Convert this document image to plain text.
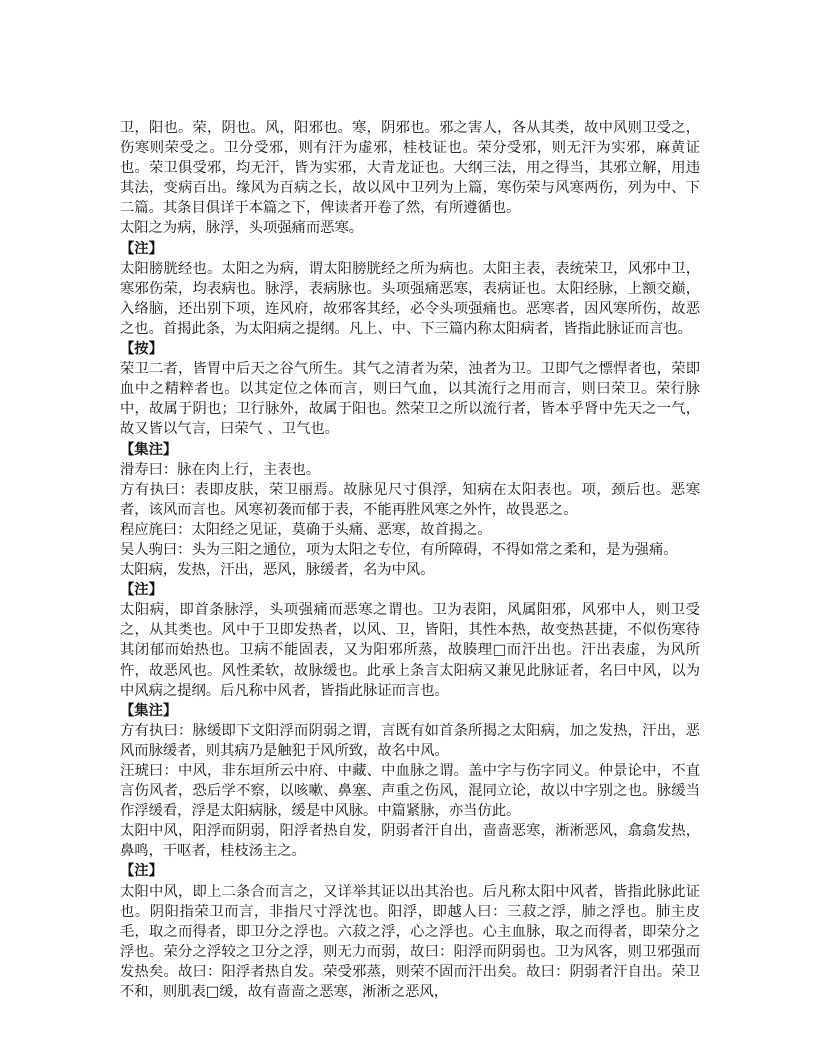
卫，阳也。荣，阴也。风，阳邪也。寒，阴邪也。邪之害人，各从其类，故中风则卫受之，伤寒则荣受之。卫分受邪，则有汗为虚邪，桂枝证也。荣分受邪，则无汗为实邪，麻黄证也。荣卫俱受邪，均无汗，皆为实邪，大青龙证也。大纲三法，用之得当，其邪立解，用违其法，变病百出。缘风为百病之长，故以风中卫列为上篇，寒伤荣与风寒两伤，列为中、下二篇。其条目俱详于本篇之下，俾读者开卷了然，有所遵循也。

太阳之为病，脉浮，头项强痛而恶寒。

【注】

太阳膀胱经也。太阳之为病，谓太阳膀胱经之所为病也。太阳主表，表统荣卫，风邪中卫，寒邪伤荣，均表病也。脉浮，表病脉也。头项强痛恶寒，表病证也。太阳经脉，上额交巅，入络脑，还出别下项，连风府，故邪客其经，必令头项强痛也。恶寒者，因风寒所伤，故恶之也。首揭此条，为太阳病之提纲。凡上、中、下三篇内称太阳病者，皆指此脉证而言也。

【按】

荣卫二者，皆胃中后天之谷气所生。其气之清者为荣，浊者为卫。卫即气之慓悍者也，荣即血中之精粹者也。以其定位之体而言，则曰气血，以其流行之用而言，则曰荣卫。荣行脉中，故属于阴也；卫行脉外，故属于阳也。然荣卫之所以流行者，皆本乎肾中先天之一气，故又皆以气言，曰荣气 、卫气也。

【集注】

滑寿曰：脉在肉上行，主表也。

方有执曰：表即皮肤，荣卫丽焉。故脉见尺寸俱浮，知病在太阳表也。项，颈后也。恶寒者，该风而言也。风寒初袭而郁于表，不能再胜风寒之外忤，故畏恶之。

程应旄曰：太阳经之见证，莫确于头痛、恶寒，故首揭之。

吴人驹曰：头为三阳之通位，项为太阳之专位，有所障碍，不得如常之柔和，是为强痛。

太阳病，发热，汗出，恶风，脉缓者，名为中风。

【注】

太阳病，即首条脉浮，头项强痛而恶寒之谓也。卫为表阳，风属阳邪，风邪中人，则卫受之，从其类也。风中于卫即发热者，以风、卫，皆阳，其性本热，故变热甚捷，不似伤寒待其闭郁而始热也。卫病不能固表，又为阳邪所蒸，故腠理□而汗出也。汗出表虚，为风所忤，故恶风也。风性柔软，故脉缓也。此承上条言太阳病又兼见此脉证者，名曰中风，以为中风病之提纲。后凡称中风者，皆指此脉证而言也。

【集注】

方有执曰：脉缓即下文阳浮而阴弱之谓，言既有如首条所揭之太阳病，加之发热，汗出，恶风而脉缓者，则其病乃是触犯于风所致，故名中风。

汪琥曰：中风，非东垣所云中府、中藏、中血脉之谓。盖中字与伤字同义。仲景论中，不直言伤风者，恐后学不察，以咳嗽、鼻塞、声重之伤风，混同立论，故以中字别之也。脉缓当作浮缓看，浮是太阳病脉，缓是中风脉。中篇紧脉，亦当仿此。

太阳中风，阳浮而阴弱，阳浮者热自发，阴弱者汗自出，啬啬恶寒，淅淅恶风，翕翕发热，鼻鸣，干呕者，桂枝汤主之。

【注】

太阳中风，即上二条合而言之，又详举其证以出其治也。后凡称太阳中风者，皆指此脉此证也。阴阳指荣卫而言，非指尺寸浮沈也。阳浮，即越人曰：三菽之浮，肺之浮也。肺主皮毛，取之而得者，即卫分之浮也。六菽之浮，心之浮也。心主血脉，取之而得者，即荣分之浮也。荣分之浮较之卫分之浮，则无力而弱，故曰：阳浮而阴弱也。卫为风客，则卫邪强而发热矣。故曰：阳浮者热自发。荣受邪蒸，则荣不固而汗出矣。故曰：阴弱者汗自出。荣卫不和，则肌表□缓，故有啬啬之恶寒，淅淅之恶风，
